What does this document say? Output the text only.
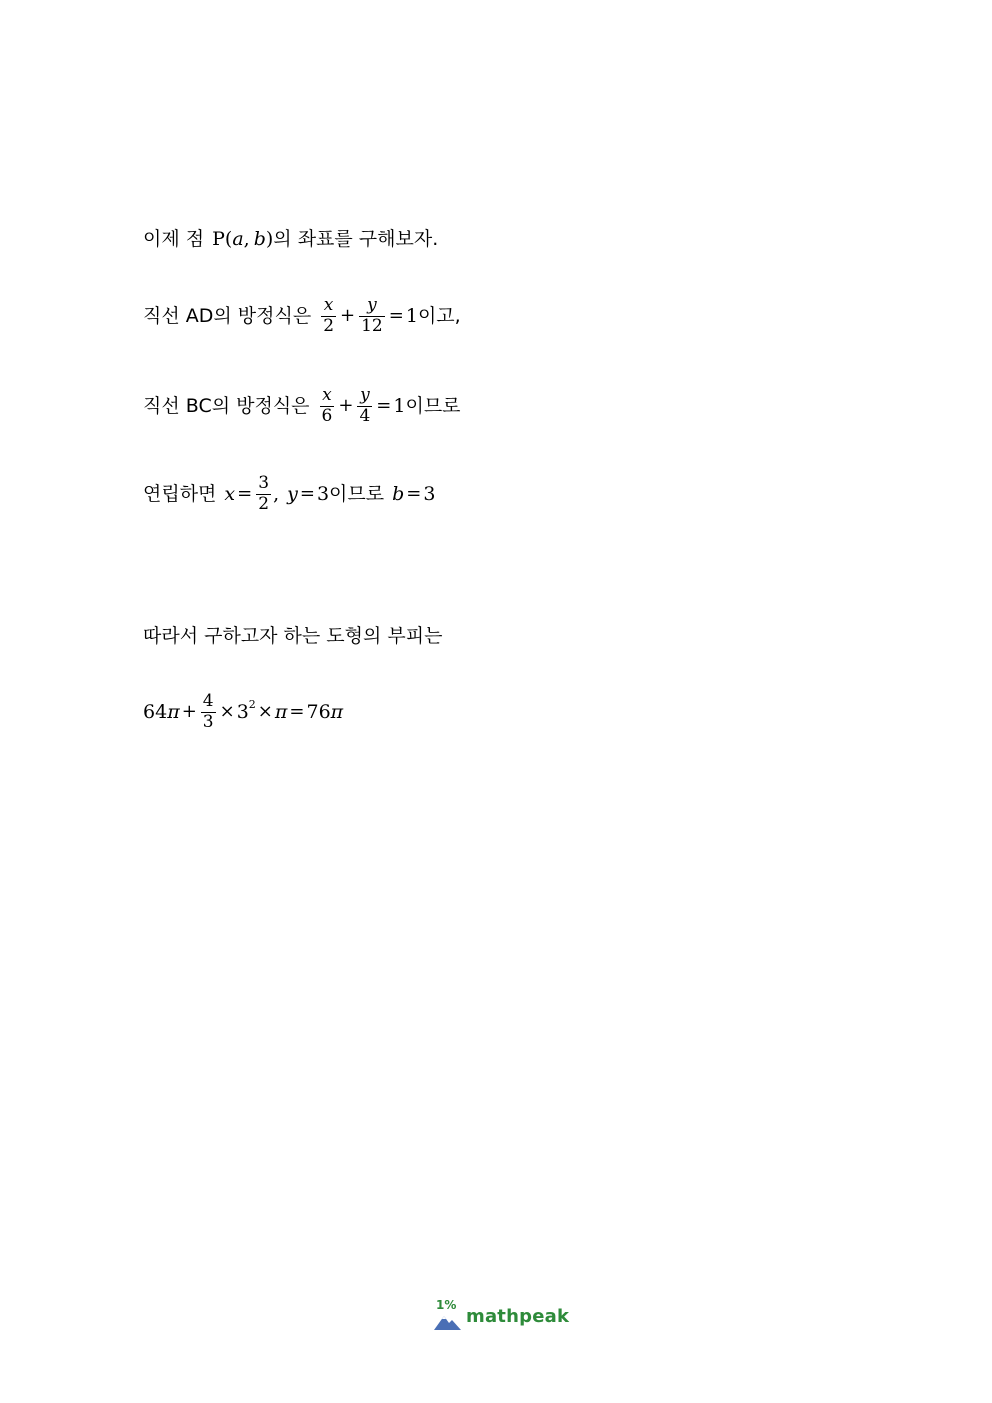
이제 점 P ( a , b ) 의 좌표를 구해보자.
직선 AD의 방정식은 $\frac{x}{2} + \frac{y}{12} = 1$ 이고,
직선 BC의 방정식은 $\frac{x}{6} + \frac{y}{4} = 1$ 이므로
연립하면 $x = \frac{3}{2}$ , y = 3 이므로 b = 3
따라서 구하고자 하는 도형의 부피는
64 $\pi + \frac{4}{3} \times 3^2 \times \pi = 76$ π
1%
mathpeak
